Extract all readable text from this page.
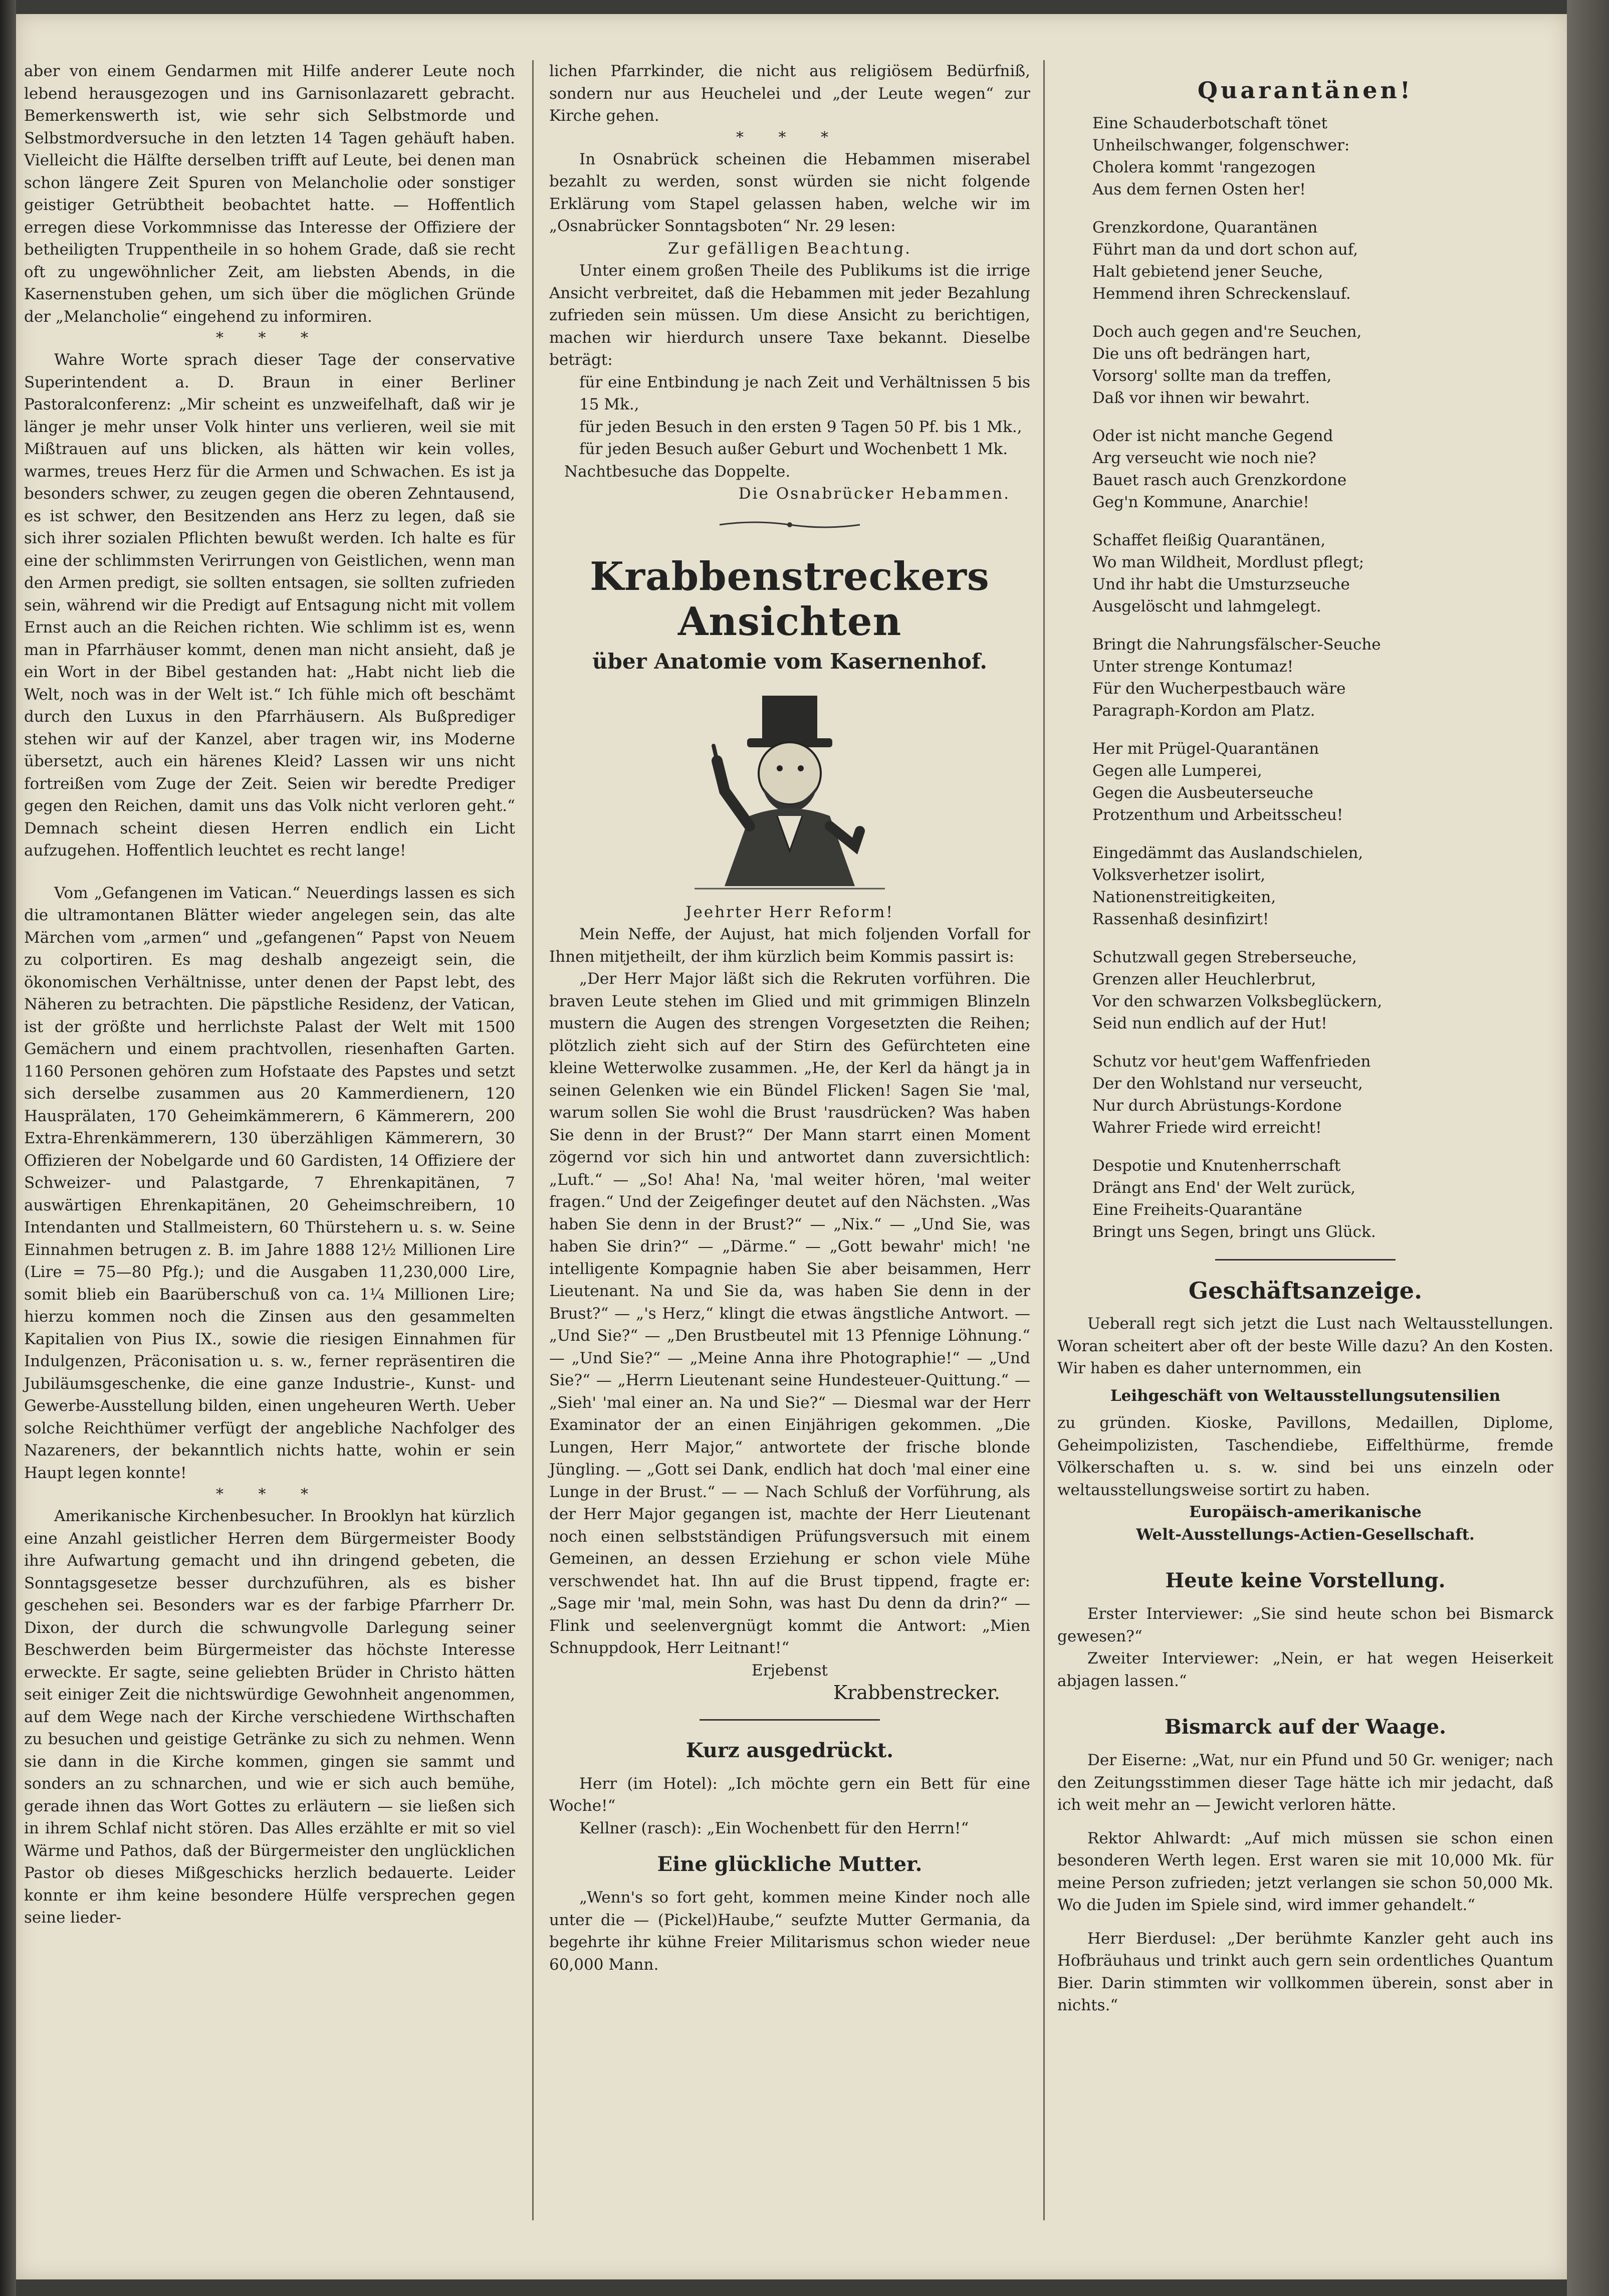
aber von einem Gendarmen mit Hilfe anderer Leute noch lebend herausgezogen und ins Garnisonlazarett gebracht. Bemerkenswerth ist, wie sehr sich Selbstmorde und Selbstmordversuche in den letzten 14 Tagen gehäuft haben. Vielleicht die Hälfte derselben trifft auf Leute, bei denen man schon längere Zeit Spuren von Melancholie oder sonstiger geistiger Getrübtheit beobachtet hatte. — Hoffentlich erregen diese Vorkommnisse das Interesse der Offiziere der betheiligten Truppentheile in so hohem Grade, daß sie recht oft zu ungewöhnlicher Zeit, am liebsten Abends, in die Kasernenstuben gehen, um sich über die möglichen Gründe der „Melancholie“ eingehend zu informiren.

* * *

Wahre Worte sprach dieser Tage der conservative Superintendent a. D. Braun in einer Berliner Pastoralconferenz: „Mir scheint es unzweifelhaft, daß wir je länger je mehr unser Volk hinter uns verlieren, weil sie mit Mißtrauen auf uns blicken, als hätten wir kein volles, warmes, treues Herz für die Armen und Schwachen. Es ist ja besonders schwer, zu zeugen gegen die oberen Zehntausend, es ist schwer, den Besitzenden ans Herz zu legen, daß sie sich ihrer sozialen Pflichten bewußt werden. Ich halte es für eine der schlimmsten Verirrungen von Geistlichen, wenn man den Armen predigt, sie sollten entsagen, sie sollten zufrieden sein, während wir die Predigt auf Entsagung nicht mit vollem Ernst auch an die Reichen richten. Wie schlimm ist es, wenn man in Pfarrhäuser kommt, denen man nicht ansieht, daß je ein Wort in der Bibel gestanden hat: „Habt nicht lieb die Welt, noch was in der Welt ist.“ Ich fühle mich oft beschämt durch den Luxus in den Pfarrhäusern. Als Bußprediger stehen wir auf der Kanzel, aber tragen wir, ins Moderne übersetzt, auch ein härenes Kleid? Lassen wir uns nicht fortreißen vom Zuge der Zeit. Seien wir beredte Prediger gegen den Reichen, damit uns das Volk nicht verloren geht.“ Demnach scheint diesen Herren endlich ein Licht aufzugehen. Hoffentlich leuchtet es recht lange!

Vom „Gefangenen im Vatican.“ Neuerdings lassen es sich die ultramontanen Blätter wieder angelegen sein, das alte Märchen vom „armen“ und „gefangenen“ Papst von Neuem zu colportiren. Es mag deshalb angezeigt sein, die ökonomischen Verhältnisse, unter denen der Papst lebt, des Näheren zu betrachten. Die päpstliche Residenz, der Vatican, ist der größte und herrlichste Palast der Welt mit 1500 Gemächern und einem prachtvollen, riesenhaften Garten. 1160 Personen gehören zum Hofstaate des Papstes und setzt sich derselbe zusammen aus 20 Kammerdienern, 120 Hausprälaten, 170 Geheimkämmerern, 6 Kämmerern, 200 Extra-Ehrenkämmerern, 130 überzähligen Kämmerern, 30 Offizieren der Nobelgarde und 60 Gardisten, 14 Offiziere der Schweizer- und Palastgarde, 7 Ehrenkapitänen, 7 auswärtigen Ehrenkapitänen, 20 Geheimschreibern, 10 Intendanten und Stallmeistern, 60 Thürstehern u. s. w. Seine Einnahmen betrugen z. B. im Jahre 1888 12½ Millionen Lire (Lire = 75—80 Pfg.); und die Ausgaben 11,230,000 Lire, somit blieb ein Baarüberschuß von ca. 1¼ Millionen Lire; hierzu kommen noch die Zinsen aus den gesammelten Kapitalien von Pius IX., sowie die riesigen Einnahmen für Indulgenzen, Präconisation u. s. w., ferner repräsentiren die Jubiläumsgeschenke, die eine ganze Industrie-, Kunst- und Gewerbe-Ausstellung bilden, einen ungeheuren Werth. Ueber solche Reichthümer verfügt der angebliche Nachfolger des Nazareners, der bekanntlich nichts hatte, wohin er sein Haupt legen konnte!

* * *

Amerikanische Kirchenbesucher. In Brooklyn hat kürzlich eine Anzahl geistlicher Herren dem Bürgermeister Boody ihre Aufwartung gemacht und ihn dringend gebeten, die Sonntagsgesetze besser durchzuführen, als es bisher geschehen sei. Besonders war es der farbige Pfarrherr Dr. Dixon, der durch die schwungvolle Darlegung seiner Beschwerden beim Bürgermeister das höchste Interesse erweckte. Er sagte, seine geliebten Brüder in Christo hätten seit einiger Zeit die nichtswürdige Gewohnheit angenommen, auf dem Wege nach der Kirche verschiedene Wirthschaften zu besuchen und geistige Getränke zu sich zu nehmen. Wenn sie dann in die Kirche kommen, gingen sie sammt und sonders an zu schnarchen, und wie er sich auch bemühe, gerade ihnen das Wort Gottes zu erläutern — sie ließen sich in ihrem Schlaf nicht stören. Das Alles erzählte er mit so viel Wärme und Pathos, daß der Bürgermeister den unglücklichen Pastor ob dieses Mißgeschicks herzlich bedauerte. Leider konnte er ihm keine besondere Hülfe versprechen gegen seine lieder-

lichen Pfarrkinder, die nicht aus religiösem Bedürfniß, sondern nur aus Heuchelei und „der Leute wegen“ zur Kirche gehen.

* * *

In Osnabrück scheinen die Hebammen miserabel bezahlt zu werden, sonst würden sie nicht folgende Erklärung vom Stapel gelassen haben, welche wir im „Osnabrücker Sonntagsboten“ Nr. 29 lesen:

Zur gefälligen Beachtung.

Unter einem großen Theile des Publikums ist die irrige Ansicht verbreitet, daß die Hebammen mit jeder Bezahlung zufrieden sein müssen. Um diese Ansicht zu berichtigen, machen wir hierdurch unsere Taxe bekannt. Dieselbe beträgt:

für eine Entbindung je nach Zeit und Verhältnissen 5 bis 15 Mk.,

für jeden Besuch in den ersten 9 Tagen 50 Pf. bis 1 Mk.,

für jeden Besuch außer Geburt und Wochenbett 1 Mk.

Nachtbesuche das Doppelte.

Die Osnabrücker Hebammen.

Krabbenstreckers Ansichten
über Anatomie vom Kasernenhof.

Jeehrter Herr Reform!

Mein Neffe, der Aujust, hat mich foljenden Vorfall for Ihnen mitjetheilt, der ihm kürzlich beim Kommis passirt is:

„Der Herr Major läßt sich die Rekruten vorführen. Die braven Leute stehen im Glied und mit grimmigen Blinzeln mustern die Augen des strengen Vorgesetzten die Reihen; plötzlich zieht sich auf der Stirn des Gefürchteten eine kleine Wetterwolke zusammen. „He, der Kerl da hängt ja in seinen Gelenken wie ein Bündel Flicken! Sagen Sie 'mal, warum sollen Sie wohl die Brust 'rausdrücken? Was haben Sie denn in der Brust?“ Der Mann starrt einen Moment zögernd vor sich hin und antwortet dann zuversichtlich: „Luft.“ — „So! Aha! Na, 'mal weiter hören, 'mal weiter fragen.“ Und der Zeigefinger deutet auf den Nächsten. „Was haben Sie denn in der Brust?“ — „Nix.“ — „Und Sie, was haben Sie drin?“ — „Därme.“ — „Gott bewahr' mich! 'ne intelligente Kompagnie haben Sie aber beisammen, Herr Lieutenant. Na und Sie da, was haben Sie denn in der Brust?“ — „'s Herz,“ klingt die etwas ängstliche Antwort. — „Und Sie?“ — „Den Brustbeutel mit 13 Pfennige Löhnung.“ — „Und Sie?“ — „Meine Anna ihre Photographie!“ — „Und Sie?“ — „Herrn Lieutenant seine Hundesteuer-Quittung.“ — „Sieh' 'mal einer an. Na und Sie?“ — Diesmal war der Herr Examinator der an einen Einjährigen gekommen. „Die Lungen, Herr Major,“ antwortete der frische blonde Jüngling. — „Gott sei Dank, endlich hat doch 'mal einer eine Lunge in der Brust.“ — — Nach Schluß der Vorführung, als der Herr Major gegangen ist, machte der Herr Lieutenant noch einen selbstständigen Prüfungsversuch mit einem Gemeinen, an dessen Erziehung er schon viele Mühe verschwendet hat. Ihn auf die Brust tippend, fragte er: „Sage mir 'mal, mein Sohn, was hast Du denn da drin?“ — Flink und seelenvergnügt kommt die Antwort: „Mien Schnuppdook, Herr Leitnant!“

Erjebenst

Krabbenstrecker.

Kurz ausgedrückt.

Herr (im Hotel): „Ich möchte gern ein Bett für eine Woche!“

Kellner (rasch): „Ein Wochenbett für den Herrn!“

Eine glückliche Mutter.

„Wenn's so fort geht, kommen meine Kinder noch alle unter die — (Pickel)Haube,“ seufzte Mutter Germania, da begehrte ihr kühne Freier Militarismus schon wieder neue 60,000 Mann.

Quarantänen!
Eine Schauderbotschaft tönet
Unheilschwanger, folgenschwer:
Cholera kommt 'rangezogen
Aus dem fernen Osten her!
Grenzkordone, Quarantänen
Führt man da und dort schon auf,
Halt gebietend jener Seuche,
Hemmend ihren Schreckenslauf.
Doch auch gegen and're Seuchen,
Die uns oft bedrängen hart,
Vorsorg' sollte man da treffen,
Daß vor ihnen wir bewahrt.
Oder ist nicht manche Gegend
Arg verseucht wie noch nie?
Bauet rasch auch Grenzkordone
Geg'n Kommune, Anarchie!
Schaffet fleißig Quarantänen,
Wo man Wildheit, Mordlust pflegt;
Und ihr habt die Umsturzseuche
Ausgelöscht und lahmgelegt.
Bringt die Nahrungsfälscher-Seuche
Unter strenge Kontumaz!
Für den Wucherpestbauch wäre
Paragraph-Kordon am Platz.
Her mit Prügel-Quarantänen
Gegen alle Lumperei,
Gegen die Ausbeuterseuche
Protzenthum und Arbeitsscheu!
Eingedämmt das Auslandschielen,
Volksverhetzer isolirt,
Nationenstreitigkeiten,
Rassenhaß desinfizirt!
Schutzwall gegen Streberseuche,
Grenzen aller Heuchlerbrut,
Vor den schwarzen Volksbeglückern,
Seid nun endlich auf der Hut!
Schutz vor heut'gem Waffenfrieden
Der den Wohlstand nur verseucht,
Nur durch Abrüstungs-Kordone
Wahrer Friede wird erreicht!
Despotie und Knutenherrschaft
Drängt ans End' der Welt zurück,
Eine Freiheits-Quarantäne
Bringt uns Segen, bringt uns Glück.
Geschäftsanzeige.

Ueberall regt sich jetzt die Lust nach Weltausstellungen. Woran scheitert aber oft der beste Wille dazu? An den Kosten. Wir haben es daher unternommen, ein

Leihgeschäft von Weltausstellungsutensilien

zu gründen. Kioske, Pavillons, Medaillen, Diplome, Geheimpolizisten, Taschendiebe, Eiffelthürme, fremde Völkerschaften u. s. w. sind bei uns einzeln oder weltausstellungsweise sortirt zu haben.

Europäisch-amerikanische

Welt-Ausstellungs-Actien-Gesellschaft.

Heute keine Vorstellung.

Erster Interviewer: „Sie sind heute schon bei Bismarck gewesen?“

Zweiter Interviewer: „Nein, er hat wegen Heiserkeit abjagen lassen.“

Bismarck auf der Waage.

Der Eiserne: „Wat, nur ein Pfund und 50 Gr. weniger; nach den Zeitungsstimmen dieser Tage hätte ich mir jedacht, daß ich weit mehr an — Jewicht verloren hätte.

Rektor Ahlwardt: „Auf mich müssen sie schon einen besonderen Werth legen. Erst waren sie mit 10,000 Mk. für meine Person zufrieden; jetzt verlangen sie schon 50,000 Mk. Wo die Juden im Spiele sind, wird immer gehandelt.“

Herr Bierdusel: „Der berühmte Kanzler geht auch ins Hofbräuhaus und trinkt auch gern sein ordentliches Quantum Bier. Darin stimmten wir vollkommen überein, sonst aber in nichts.“
